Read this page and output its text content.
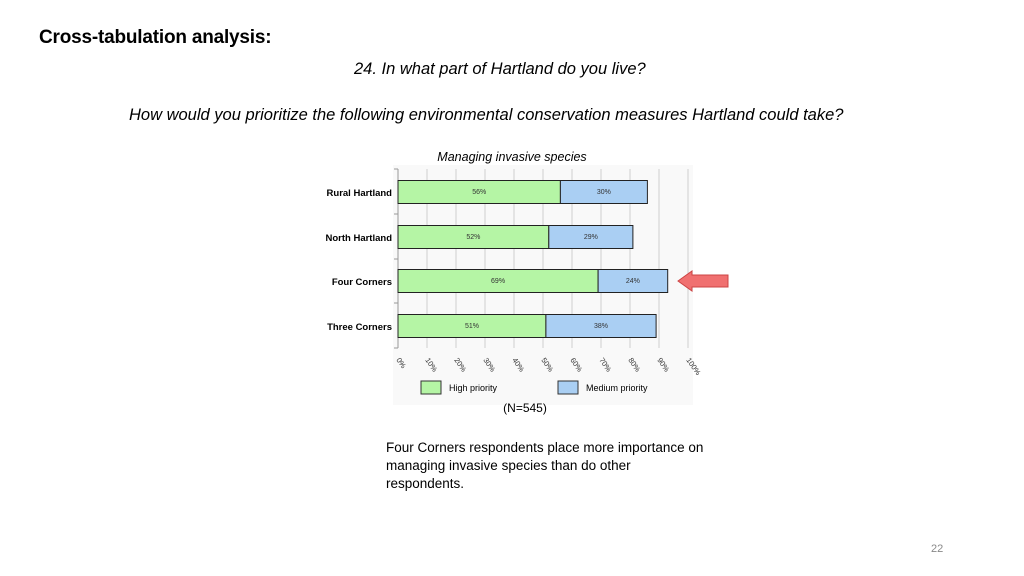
Cross-tabulation analysis:
24. In what part of Hartland do you live?
How would you prioritize the following environmental conservation measures Hartland could take?
Managing invasive species
Rural Hartland	56%	30%
North Hartland	52%	29%
Four Corners	69%	24%
Three Corners	51%	38%
0% 10% 20% 30% 40% 50% 60% 70% 80% 90% 100%
High priority	Medium priority
(N=545)
Four Corners respondents place more importance on managing invasive species than do other respondents.
22
